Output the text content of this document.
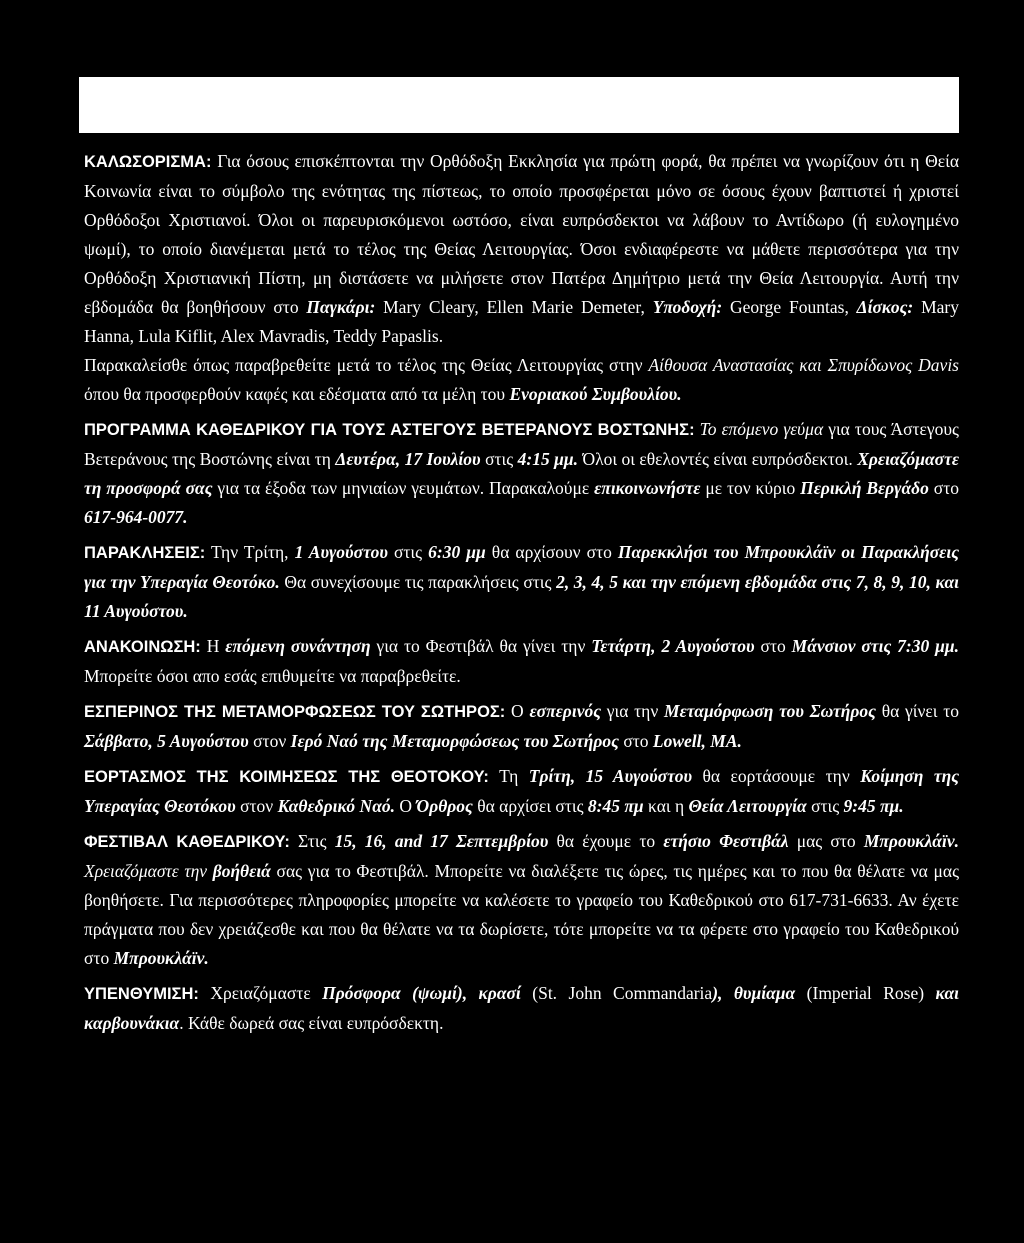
ΚΑΛΩΣΟΡΙΣΜΑ: Για όσους επισκέπτονται την Ορθόδοξη Εκκλησία για πρώτη φορά, θα πρέπει να γνωρίζουν ότι η Θεία Κοινωνία είναι το σύμβολο της ενότητας της πίστεως, το οποίο προσφέρεται μόνο σε όσους έχουν βαπτιστεί ή χριστεί Ορθόδοξοι Χριστιανοί. Όλοι οι παρευρισκόμενοι ωστόσο, είναι ευπρόσδεκτοι να λάβουν το Αντίδωρο (ή ευλογημένο ψωμί), το οποίο διανέμεται μετά το τέλος της Θείας Λειτουργίας. Όσοι ενδιαφέρεστε να μάθετε περισσότερα για την Ορθόδοξη Χριστιανική Πίστη, μη διστάσετε να μιλήσετε στον Πατέρα Δημήτριο μετά την Θεία Λειτουργία. Αυτή την εβδομάδα θα βοηθήσουν στο Παγκάρι: Mary Cleary, Ellen Marie Demeter, Υποδοχή: George Fountas, Δίσκος: Mary Hanna, Lula Kiflit, Alex Mavradis, Teddy Papaslis.

Παρακαλείσθε όπως παραβρεθείτε μετά το τέλος της Θείας Λειτουργίας στην Αίθουσα Αναστασίας και Σπυρίδωνος Davis όπου θα προσφερθούν καφές και εδέσματα από τα μέλη του Ενοριακού Συμβουλίου.

ΠΡΟΓΡΑΜΜΑ ΚΑΘΕΔΡΙΚΟΥ ΓΙΑ ΤΟΥΣ ΑΣΤΕΓΟΥΣ ΒΕΤΕΡΑΝΟΥΣ ΒΟΣΤΩΝΗΣ: Το επόμενο γεύμα για τους Άστεγους Βετεράνους της Βοστώνης είναι τη Δευτέρα, 17 Ιουλίου στις 4:15 μμ. Όλοι οι εθελοντές είναι ευπρόσδεκτοι. Χρειαζόμαστε τη προσφορά σας για τα έξοδα των μηνιαίων γευμάτων. Παρακαλούμε επικοινωνήστε με τον κύριο Περικλή Βεργάδο στο 617-964-0077.

ΠΑΡΑΚΛΗΣΕΙΣ: Την Τρίτη, 1 Αυγούστου στις 6:30 μμ θα αρχίσουν στο Παρεκκλήσι του Μπρουκλάϊν οι Παρακλήσεις για την Υπεραγία Θεοτόκο. Θα συνεχίσουμε τις παρακλήσεις στις 2, 3, 4, 5 και την επόμενη εβδομάδα στις 7, 8, 9, 10, και 11 Αυγούστου.

ΑΝΑΚΟΙΝΩΣΗ: Η επόμενη συνάντηση για το Φεστιβάλ θα γίνει την Τετάρτη, 2 Αυγούστου στο Μάνσιον στις 7:30 μμ. Μπορείτε όσοι απο εσάς επιθυμείτε να παραβρεθείτε.

ΕΣΠΕΡΙΝΟΣ ΤΗΣ ΜΕΤΑΜΟΡΦΩΣΕΩΣ ΤΟΥ ΣΩΤΗΡΟΣ: Ο εσπερινός για την Μεταμόρφωση του Σωτήρος θα γίνει το Σάββατο, 5 Αυγούστου στον Ιερό Ναό της Μεταμορφώσεως του Σωτήρος στο Lowell, MA.

ΕΟΡΤΑΣΜΟΣ ΤΗΣ ΚΟΙΜΗΣΕΩΣ ΤΗΣ ΘΕΟΤΟΚΟΥ: Τη Τρίτη, 15 Αυγούστου θα εορτάσουμε την Κοίμηση της Υπεραγίας Θεοτόκου στον Καθεδρικό Ναό. Ο Όρθρος θα αρχίσει στις 8:45 πμ και η Θεία Λειτουργία στις 9:45 πμ.

ΦΕΣΤΙΒΑΛ ΚΑΘΕΔΡΙΚΟΥ: Στις 15, 16, and 17 Σεπτεμβρίου θα έχουμε το ετήσιο Φεστιβάλ μας στο Μπρουκλάϊν. Χρειαζόμαστε την βοήθειά σας για το Φεστιβάλ. Μπορείτε να διαλέξετε τις ώρες, τις ημέρες και το που θα θέλατε να μας βοηθήσετε. Για περισσότερες πληροφορίες μπορείτε να καλέσετε το γραφείο του Καθεδρικού στο 617-731-6633. Αν έχετε πράγματα που δεν χρειάζεσθε και που θα θέλατε να τα δωρίσετε, τότε μπορείτε να τα φέρετε στο γραφείο του Καθεδρικού στο Μπρουκλάϊν.

ΥΠΕΝΘΥΜΙΣΗ: Χρειαζόμαστε Πρόσφορα (ψωμί), κρασί (St. John Commandaria), θυμίαμα (Imperial Rose) και καρβουνάκια. Κάθε δωρεά σας είναι ευπρόσδεκτη.
